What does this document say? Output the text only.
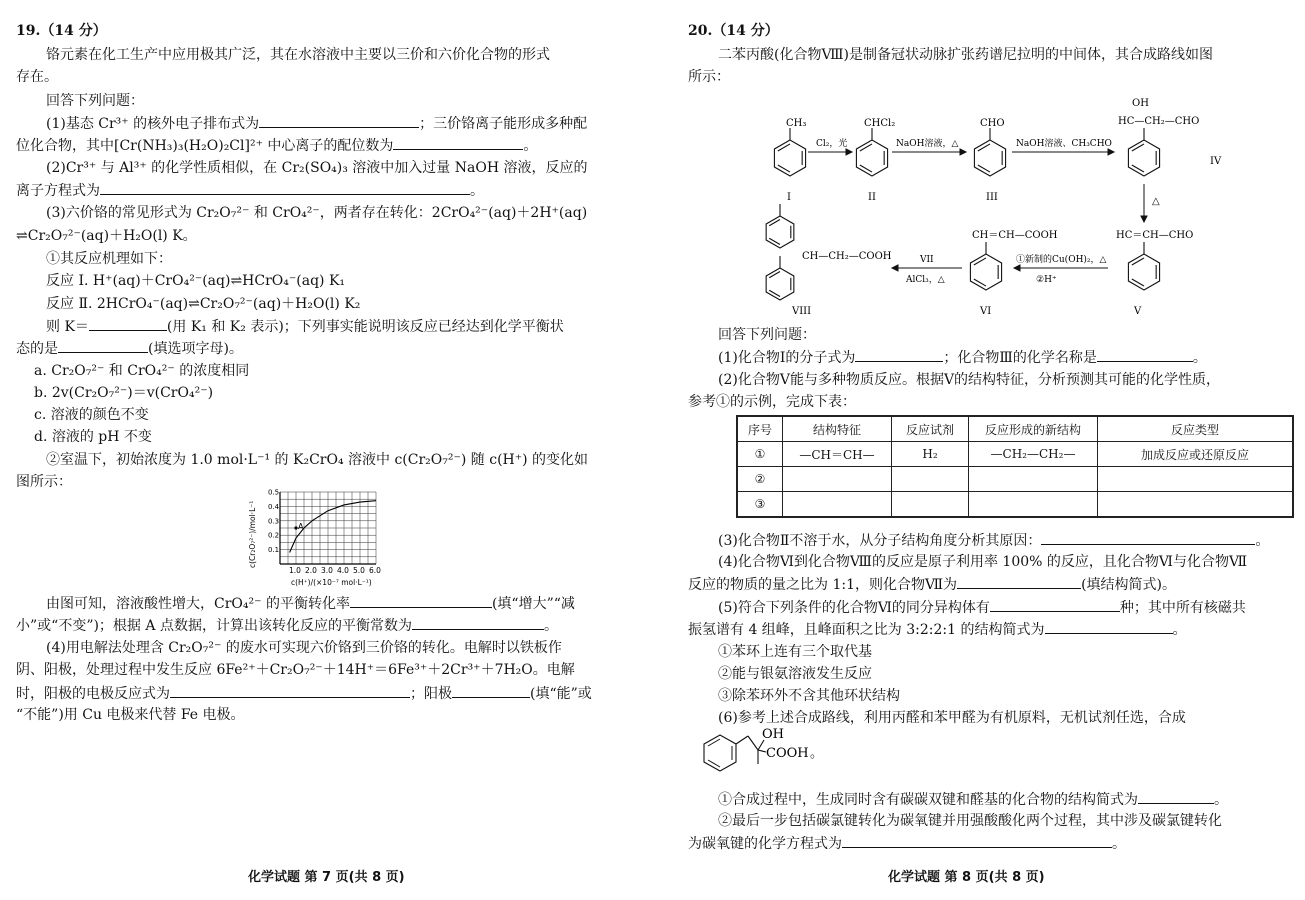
19.（14 分）
铬元素在化工生产中应用极其广泛，其在水溶液中主要以三价和六价化合物的形式
存在。
回答下列问题：
(1)基态 Cr³⁺ 的核外电子排布式为	；三价铬离子能形成多种配
位化合物，其中[Cr(NH₃)₃(H₂O)₂Cl]²⁺ 中心离子的配位数为	。
(2)Cr³⁺ 与 Al³⁺ 的化学性质相似，在 Cr₂(SO₄)₃ 溶液中加入过量 NaOH 溶液，反应的
离子方程式为	。
(3)六价铬的常见形式为 Cr₂O₇²⁻ 和 CrO₄²⁻，两者存在转化：2CrO₄²⁻(aq)＋2H⁺(aq)
⇌Cr₂O₇²⁻(aq)＋H₂O(l) K。
①其反应机理如下：
反应 Ⅰ. H⁺(aq)＋CrO₄²⁻(aq)⇌HCrO₄⁻(aq) K₁
反应 Ⅱ. 2HCrO₄⁻(aq)⇌Cr₂O₇²⁻(aq)＋H₂O(l) K₂
则 K＝	(用 K₁ 和 K₂ 表示)；下列事实能说明该反应已经达到化学平衡状
态的是	(填选项字母)。
a. Cr₂O₇²⁻ 和 CrO₄²⁻ 的浓度相同
b. 2v(Cr₂O₇²⁻)＝v(CrO₄²⁻)
c. 溶液的颜色不变
d. 溶液的 pH 不变
②室温下，初始浓度为 1.0 mol·L⁻¹ 的 K₂CrO₄ 溶液中 c(Cr₂O₇²⁻) 随 c(H⁺) 的变化如
图所示：
1.0 2.0 3.0 4.0 5.0 6.0
0.1
0.2
0.3
0.4
0.5
A
c(Cr₂O₇²⁻)/mol·L⁻¹
c(H⁺)/(×10⁻⁷ mol·L⁻¹)
由图可知，溶液酸性增大，CrO₄²⁻ 的平衡转化率	(填“增大”“减
小”或“不变”)；根据 A 点数据，计算出该转化反应的平衡常数为	。
(4)用电解法处理含 Cr₂O₇²⁻ 的废水可实现六价铬到三价铬的转化。电解时以铁板作
阴、阳极，处理过程中发生反应 6Fe²⁺＋Cr₂O₇²⁻＋14H⁺＝6Fe³⁺＋2Cr³⁺＋7H₂O。电解
时，阳极的电极反应式为	；阳极	(填“能”或
“不能”)用 Cu 电极来代替 Fe 电极。
化学试题 第 7 页(共 8 页)
20.（14 分）
二苯丙酸(化合物Ⅷ)是制备冠状动脉扩张药谱尼拉明的中间体，其合成路线如图
所示：
CH₃
I
CHCl₂
II
CHO
III
OH
HC—CH₂—CHO
IV
HC＝CH—CHO
V
CH＝CH—COOH
VI
CH—CH₂—COOH
VIII
Cl₂，光	NaOH溶液，△	NaOH溶液、CH₃CHO
△
①新制的Cu(OH)₂，△
②H⁺
VII
AlCl₃，△
回答下列问题：
(1)化合物Ⅰ的分子式为	；化合物Ⅲ的化学名称是	。
(2)化合物Ⅴ能与多种物质反应。根据Ⅴ的结构特征，分析预测其可能的化学性质，
参考①的示例，完成下表：
序号	结构特征	反应试剂	反应形成的新结构	反应类型
①	—CH＝CH—	H₂	—CH₂—CH₂—	加成反应或还原反应
②				
③				
(3)化合物Ⅱ不溶于水，从分子结构角度分析其原因：	。
(4)化合物Ⅵ到化合物Ⅷ的反应是原子利用率 100% 的反应，且化合物Ⅵ与化合物Ⅶ
反应的物质的量之比为 1:1，则化合物Ⅶ为	(填结构简式)。
(5)符合下列条件的化合物Ⅵ的同分异构体有	种；其中所有核磁共
振氢谱有 4 组峰，且峰面积之比为 3:2:2:1 的结构简式为	。
①苯环上连有三个取代基
②能与银氨溶液发生反应
③除苯环外不含其他环状结构
(6)参考上述合成路线，利用丙醛和苯甲醛为有机原料，无机试剂任选，合成
OH
COOH 。
①合成过程中，生成同时含有碳碳双键和醛基的化合物的结构简式为	。
②最后一步包括碳氯键转化为碳氧键并用强酸酸化两个过程，其中涉及碳氯键转化
为碳氧键的化学方程式为	。
化学试题 第 8 页(共 8 页)
